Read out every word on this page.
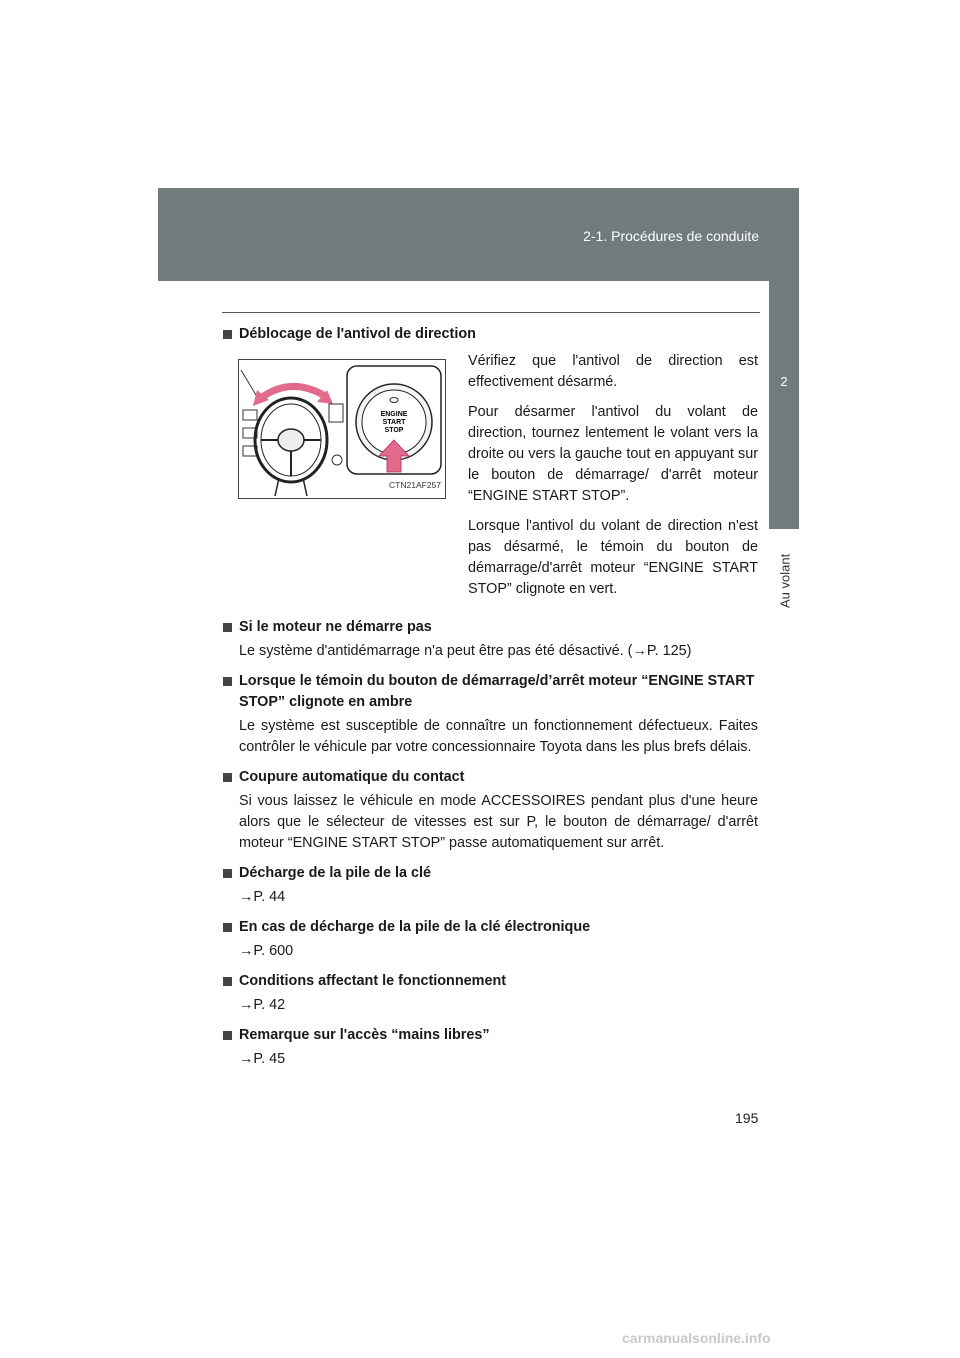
2-1. Procédures de conduite
2
Au volant
Déblocage de l'antivol de direction
ENGINE
START
STOP
CTN21AF257

Vérifiez que l'antivol de direction est effectivement désarmé.

Pour désarmer l'antivol du volant de direction, tournez lentement le volant vers la droite ou vers la gauche tout en appuyant sur le bouton de démarrage/ d'arrêt moteur “ENGINE START STOP”.

Lorsque l'antivol du volant de direction n'est pas désarmé, le témoin du bouton de démarrage/d'arrêt moteur “ENGINE START STOP” clignote en vert.

Si le moteur ne démarre pas
Le système d'antidémarrage n'a peut être pas été désactivé. (→P. 125)
Lorsque le témoin du bouton de démarrage/d’arrêt moteur “ENGINE START STOP” clignote en ambre
Le système est susceptible de connaître un fonctionnement défectueux. Faites contrôler le véhicule par votre concessionnaire Toyota dans les plus brefs délais.
Coupure automatique du contact
Si vous laissez le véhicule en mode ACCESSOIRES pendant plus d'une heure alors que le sélecteur de vitesses est sur P, le bouton de démarrage/ d'arrêt moteur “ENGINE START STOP” passe automatiquement sur arrêt.
Décharge de la pile de la clé
→P. 44
En cas de décharge de la pile de la clé électronique
→P. 600
Conditions affectant le fonctionnement
→P. 42
Remarque sur l'accès “mains libres”
→P. 45
195
carmanualsonline.info
